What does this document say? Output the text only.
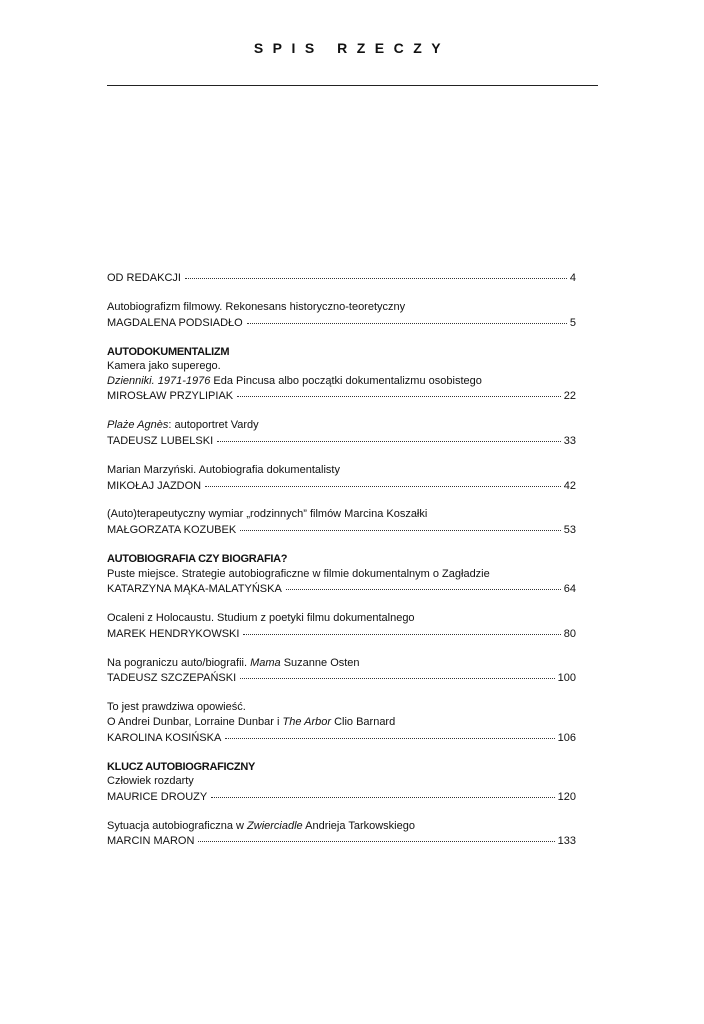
SPIS RZECZY
OD REDAKCJI	4
Autobiografizm filmowy. Rekonesans historyczno-teoretyczny
MAGDALENA PODSIADŁO	5
AUTODOKUMENTALIZM
Kamera jako superego.
Dzienniki. 1971-1976 Eda Pincusa albo początki dokumentalizmu osobistego
MIROSŁAW PRZYLIPIAK	22
Plaże Agnès: autoportret Vardy
TADEUSZ LUBELSKI	33
Marian Marzyński. Autobiografia dokumentalisty
MIKOŁAJ JAZDON	42
(Auto)terapeutyczny wymiar „rodzinnych” filmów Marcina Koszałki
MAŁGORZATA KOZUBEK	53
AUTOBIOGRAFIA CZY BIOGRAFIA?
Puste miejsce. Strategie autobiograficzne w filmie dokumentalnym o Zagładzie
KATARZYNA MĄKA-MALATYŃSKA	64
Ocaleni z Holocaustu. Studium z poetyki filmu dokumentalnego
MAREK HENDRYKOWSKI	80
Na pograniczu auto/biografii. Mama Suzanne Osten
TADEUSZ SZCZEPAŃSKI	100
To jest prawdziwa opowieść.
O Andrei Dunbar, Lorraine Dunbar i The Arbor Clio Barnard
KAROLINA KOSIŃSKA	106
KLUCZ AUTOBIOGRAFICZNY
Człowiek rozdarty
MAURICE DROUZY	120
Sytuacja autobiograficzna w Zwierciadle Andrieja Tarkowskiego
MARCIN MARON	133
